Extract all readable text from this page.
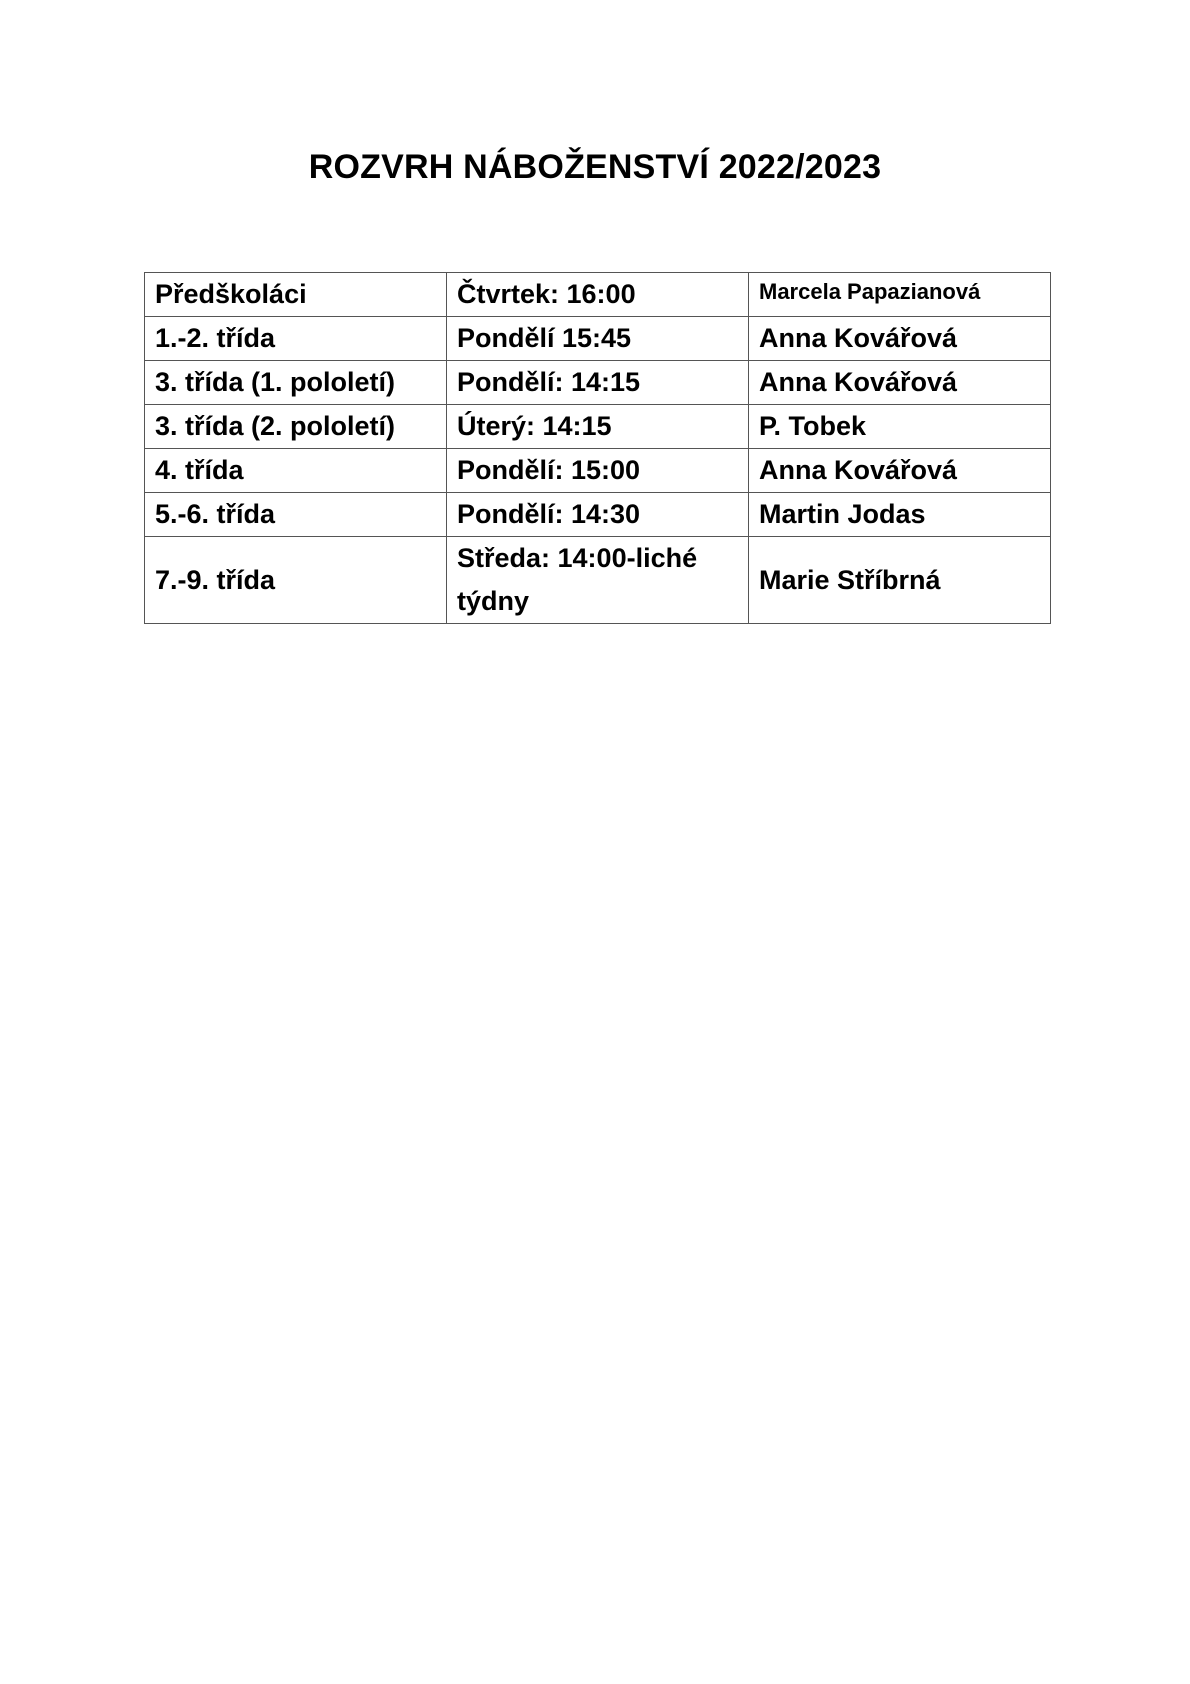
ROZVRH NÁBOŽENSTVÍ 2022/2023
Předškoláci	Čtvrtek: 16:00	Marcela Papazianová
1.-2. třída	Pondělí 15:45	Anna Kovářová
3. třída (1. pololetí)	Pondělí: 14:15	Anna Kovářová
3. třída (2. pololetí)	Úterý: 14:15	P. Tobek
4. třída	Pondělí: 15:00	Anna Kovářová
5.-6. třída	Pondělí: 14:30	Martin Jodas
7.-9. třída	Středa: 14:00-liché týdny	Marie Stříbrná
